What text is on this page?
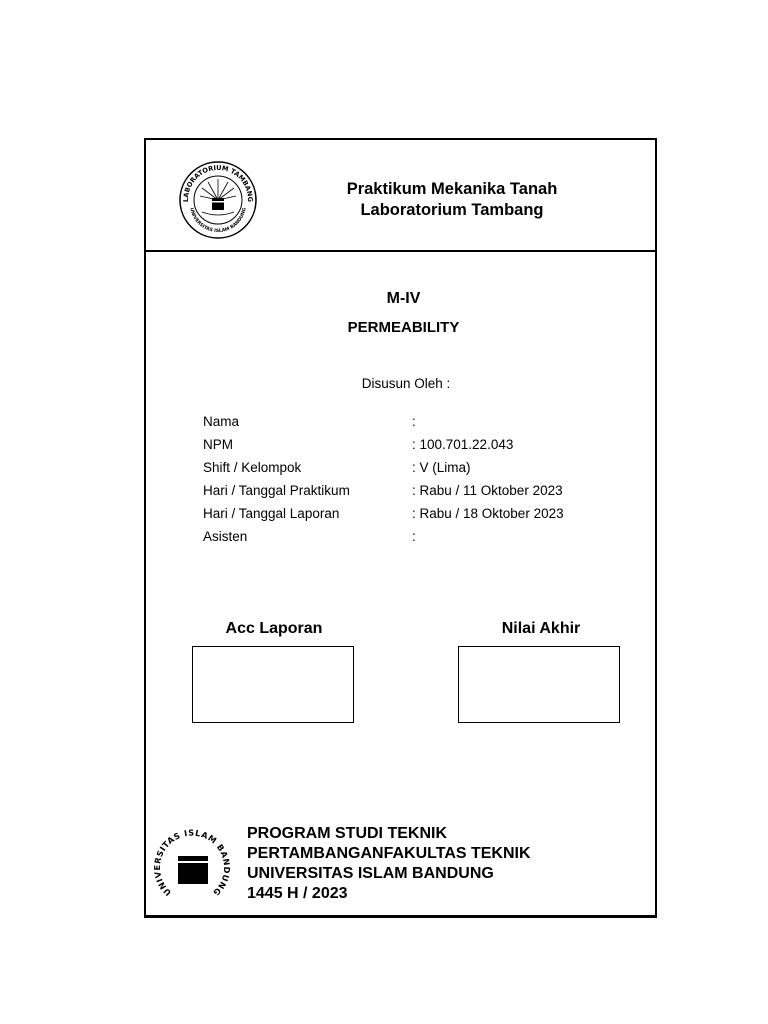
LABORATORIUM TAMBANG
UNIVERSITAS ISLAM BANDUNG
Praktikum Mekanika Tanah
Laboratorium Tambang
M-IV
PERMEABILITY
Disusun Oleh :
Nama	:
NPM	: 100.701.22.043
Shift / Kelompok	: V (Lima)
Hari / Tanggal Praktikum	: Rabu / 11 Oktober 2023
Hari / Tanggal Laporan	: Rabu / 18 Oktober 2023
Asisten	:
Acc Laporan	Nilai Akhir
UNIVERSITAS ISLAM BANDUNG
PROGRAM STUDI TEKNIK
PERTAMBANGANFAKULTAS TEKNIK
UNIVERSITAS ISLAM BANDUNG
1445 H / 2023
